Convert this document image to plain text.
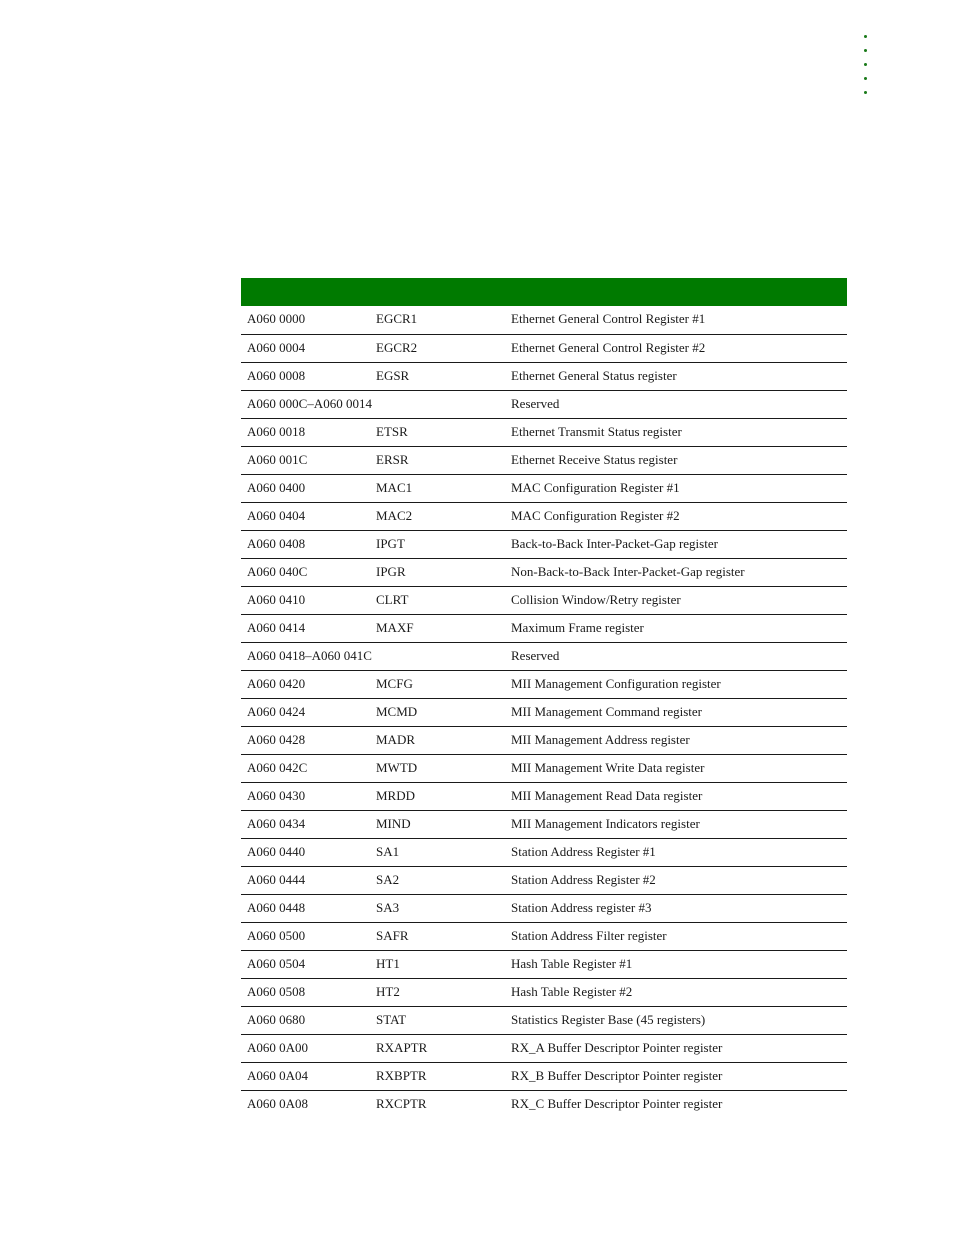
A060 0000	EGCR1	Ethernet General Control Register #1
A060 0004	EGCR2	Ethernet General Control Register #2
A060 0008	EGSR	Ethernet General Status register
A060 000C–A060 0014		Reserved
A060 0018	ETSR	Ethernet Transmit Status register
A060 001C	ERSR	Ethernet Receive Status register
A060 0400	MAC1	MAC Configuration Register #1
A060 0404	MAC2	MAC Configuration Register #2
A060 0408	IPGT	Back-to-Back Inter-Packet-Gap register
A060 040C	IPGR	Non-Back-to-Back Inter-Packet-Gap register
A060 0410	CLRT	Collision Window/Retry register
A060 0414	MAXF	Maximum Frame register
A060 0418–A060 041C		Reserved
A060 0420	MCFG	MII Management Configuration register
A060 0424	MCMD	MII Management Command register
A060 0428	MADR	MII Management Address register
A060 042C	MWTD	MII Management Write Data register
A060 0430	MRDD	MII Management Read Data register
A060 0434	MIND	MII Management Indicators register
A060 0440	SA1	Station Address Register #1
A060 0444	SA2	Station Address Register #2
A060 0448	SA3	Station Address register #3
A060 0500	SAFR	Station Address Filter register
A060 0504	HT1	Hash Table Register #1
A060 0508	HT2	Hash Table Register #2
A060 0680	STAT	Statistics Register Base (45 registers)
A060 0A00	RXAPTR	RX_A Buffer Descriptor Pointer register
A060 0A04	RXBPTR	RX_B Buffer Descriptor Pointer register
A060 0A08	RXCPTR	RX_C Buffer Descriptor Pointer register
